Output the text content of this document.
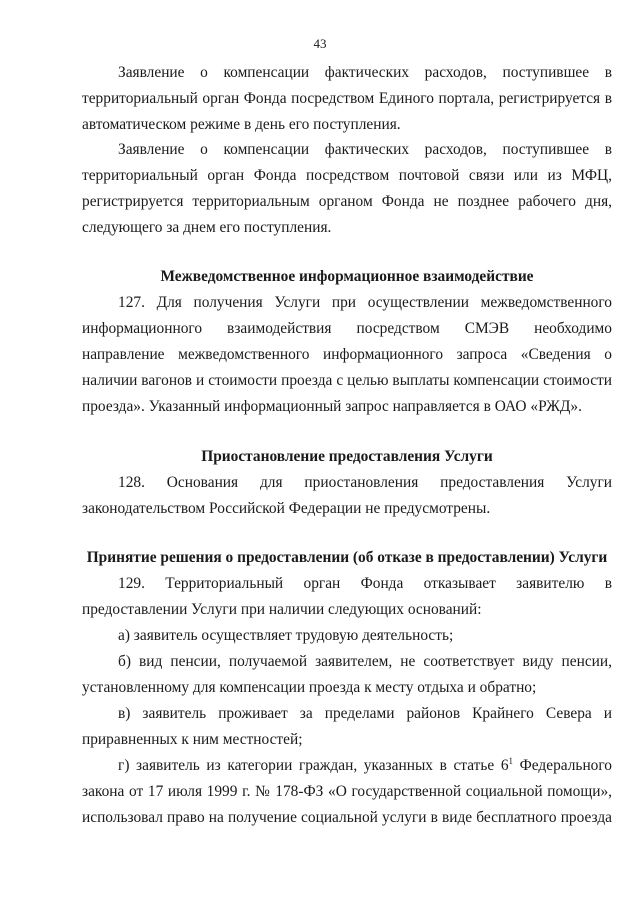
43

Заявление о компенсации фактических расходов, поступившее в территориальный орган Фонда посредством Единого портала, регистрируется в автоматическом режиме в день его поступления.

Заявление о компенсации фактических расходов, поступившее в территориальный орган Фонда посредством почтовой связи или из МФЦ, регистрируется территориальным органом Фонда не позднее рабочего дня, следующего за днем его поступления.

Межведомственное информационное взаимодействие

127. Для получения Услуги при осуществлении межведомственного информационного взаимодействия посредством СМЭВ необходимо направление межведомственного информационного запроса «Сведения о наличии вагонов и стоимости проезда с целью выплаты компенсации стоимости проезда». Указанный информационный запрос направляется в ОАО «РЖД».

Приостановление предоставления Услуги

128. Основания для приостановления предоставления Услуги законодательством Российской Федерации не предусмотрены.

Принятие решения о предоставлении (об отказе в предоставлении) Услуги

129. Территориальный орган Фонда отказывает заявителю в предоставлении Услуги при наличии следующих оснований:

а) заявитель осуществляет трудовую деятельность;

б) вид пенсии, получаемой заявителем, не соответствует виду пенсии, установленному для компенсации проезда к месту отдыха и обратно;

в) заявитель проживает за пределами районов Крайнего Севера и приравненных к ним местностей;

г) заявитель из категории граждан, указанных в статье $6^1$ Федерального закона от 17 июля 1999 г. № 178-ФЗ «О государственной социальной помощи», использовал право на получение социальной услуги в виде бесплатного проезда
